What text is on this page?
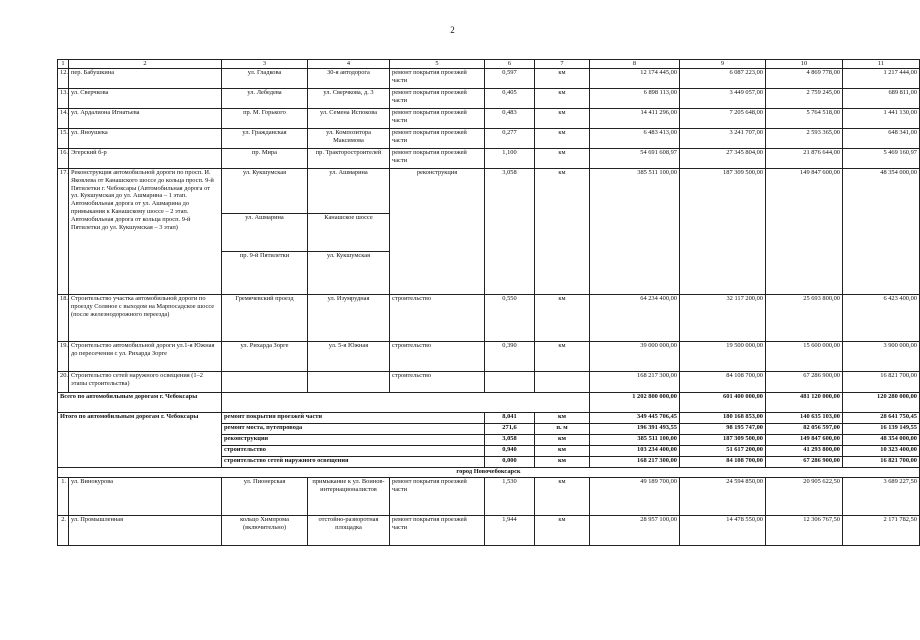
2
1	2	3	4	5	6	7	8	9	10	11
12.	пер. Бабушкина	ул. Гладкова	30-я автодорога	ремонт покрытия проезжей части	0,597	км	12 174 445,00	6 087 223,00	4 869 778,00	1 217 444,00
13.	ул. Сверчкова	ул. Лебедева	ул. Сверчкова, д. 3	ремонт покрытия проезжей части	0,405	км	6 898 113,00	3 449 057,00	2 759 245,00	689 811,00
14.	ул. Ардалиона Игнатьева	пр. М. Горького	ул. Семена Испокова	ремонт покрытия проезжей части	0,483	км	14 411 296,00	7 205 648,00	5 764 518,00	1 441 130,00
15.	ул. Яноушека	ул. Гражданская	ул. Композитора Максимова	ремонт покрытия проезжей части	0,277	км	6 483 413,00	3 241 707,00	2 593 365,00	648 341,00
16.	Эгерский б-р	пр. Мира	пр. Тракторостроителей	ремонт покрытия проезжей части	1,100	км	54 691 608,97	27 345 804,00	21 876 644,00	5 469 160,97
17.	Реконструкция автомобильной дороги по просп. И. Яковлева от Канашского шоссе до кольца просп. 9-й Пятилетки г. Чебоксары (Автомобильная дорога от ул. Кукшумская до ул. Ашмарина – 1 этап. Автомобильная дорога от ул. Ашмарина до примыкания к Канашскому шоссе – 2 этап. Автомобильная дорога от кольца просп. 9-й Пятилетки до ул. Кукшумская – 3 этап)	ул. Кукшумская	ул. Ашмарина	реконструкция	3,058	км	385 511 100,00	187 309 500,00	149 847 600,00	48 354 000,00
		ул. Ашмарина	Канашское шоссе							
		пр. 9-й Пятилетки	ул. Кукшумская							
18.	Строительство участка автомобильной дороги по проезду Соляное с выходом на Марпосадское шоссе (после железнодорожного переезда)	Гремячевский проезд	ул. Изумрудная	строительство	0,550	км	64 234 400,00	32 117 200,00	25 693 800,00	6 423 400,00
19.	Строительство автомобильной дороги ул.1-я Южная до пересечения с ул. Рихарда Зорге	ул. Рихарда Зорге	ул. 5-я Южная	строительство	0,390	км	39 000 000,00	19 500 000,00	15 600 000,00	3 900 000,00
20.	Строительство сетей наружного освещения (1–2 этапы строительства)			строительство			168 217 300,00	84 108 700,00	67 286 900,00	16 821 700,00
Всего по автомобильным дорогам г. Чебоксары							1 202 800 000,00	601 400 000,00	481 120 000,00	120 280 000,00
Итого по автомобильным дорогам г. Чебоксары		ремонт покрытия проезжей части			8,041	км	349 445 706,45	180 168 853,00	140 635 103,00	28 641 750,45
		ремонт моста, путепровода			271,6	п. м	196 391 493,55	98 195 747,00	82 056 597,00	16 139 149,55
		реконструкция			3,058	км	385 511 100,00	187 309 500,00	149 847 600,00	48 354 000,00
		строительство			0,940	км	103 234 400,00	51 617 200,00	41 293 800,00	10 323 400,00
		строительство сетей наружного освещения			0,000	км	168 217 300,00	84 108 700,00	67 286 900,00	16 821 700,00
город Новочебоксарск										
1.	ул. Винокурова	ул. Пионерская	примыкание к ул. Воинов-интернационалистов	ремонт покрытия проезжей части	1,530	км	49 189 700,00	24 594 850,00	20 905 622,50	3 689 227,50
2.	ул. Промышленная	кольцо Химпрома (включительно)	отстойно-разворотная площадка	ремонт покрытия проезжей части	1,944	км	28 957 100,00	14 478 550,00	12 306 767,50	2 171 782,50
